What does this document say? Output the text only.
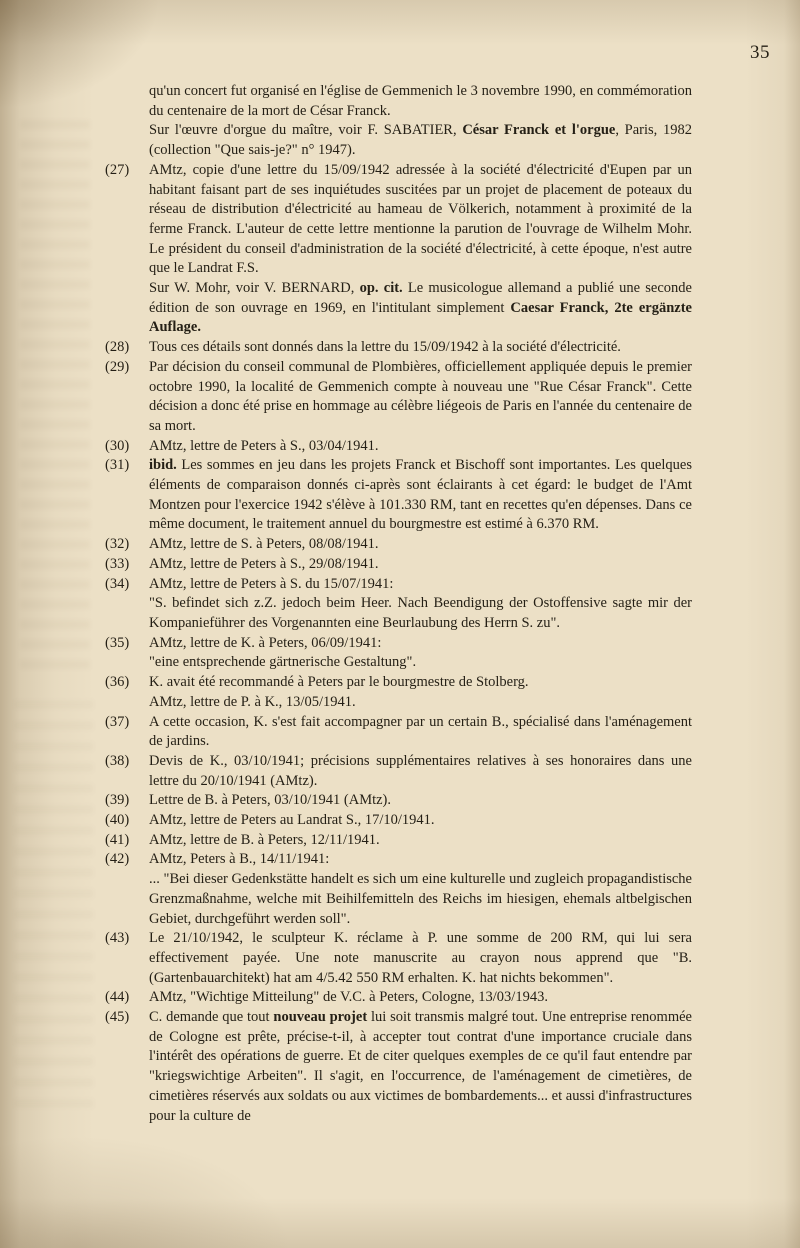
35

qu'un concert fut organisé en l'église de Gemmenich le 3 novembre 1990, en commémoration du centenaire de la mort de César Franck.

Sur l'œuvre d'orgue du maître, voir F. SABATIER, César Franck et l'orgue, Paris, 1982 (collection "Que sais-je?" n° 1947).

(27)	AMtz, copie d'une lettre du 15/09/1942 adressée à la société d'électricité d'Eupen par un habitant faisant part de ses inquiétudes suscitées par un projet de placement de poteaux du réseau de distribution d'électricité au hameau de Völkerich, notamment à proximité de la ferme Franck. L'auteur de cette lettre mentionne la parution de l'ouvrage de Wilhelm Mohr. Le président du conseil d'administration de la société d'électricité, à cette époque, n'est autre que le Landrat F.S.

Sur W. Mohr, voir V. BERNARD, op. cit. Le musicologue allemand a publié une seconde édition de son ouvrage en 1969, en l'intitulant simplement Caesar Franck, 2te ergänzte Auflage.

(28)	Tous ces détails sont donnés dans la lettre du 15/09/1942 à la société d'électricité.

(29)	Par décision du conseil communal de Plombières, officiellement appliquée depuis le premier octobre 1990, la localité de Gemmenich compte à nouveau une "Rue César Franck". Cette décision a donc été prise en hommage au célèbre liégeois de Paris en l'année du centenaire de sa mort.

(30)	AMtz, lettre de Peters à S., 03/04/1941.

(31)	ibid. Les sommes en jeu dans les projets Franck et Bischoff sont importantes. Les quelques éléments de comparaison donnés ci-après sont éclairants à cet égard: le budget de l'Amt Montzen pour l'exercice 1942 s'élève à 101.330 RM, tant en recettes qu'en dépenses. Dans ce même document, le traitement annuel du bourgmestre est estimé à 6.370 RM.

(32)	AMtz, lettre de S. à Peters, 08/08/1941.

(33)	AMtz, lettre de Peters à S., 29/08/1941.

(34)	AMtz, lettre de Peters à S. du 15/07/1941:

"S. befindet sich z.Z. jedoch beim Heer. Nach Beendigung der Ostoffensive sagte mir der Kompanieführer des Vorgenannten eine Beurlaubung des Herrn S. zu".

(35)	AMtz, lettre de K. à Peters, 06/09/1941:

"eine entsprechende gärtnerische Gestaltung".

(36)	K. avait été recommandé à Peters par le bourgmestre de Stolberg.

AMtz, lettre de P. à K., 13/05/1941.

(37)	A cette occasion, K. s'est fait accompagner par un certain B., spécialisé dans l'aménagement de jardins.

(38)	Devis de K., 03/10/1941; précisions supplémentaires relatives à ses honoraires dans une lettre du 20/10/1941 (AMtz).

(39)	Lettre de B. à Peters, 03/10/1941 (AMtz).

(40)	AMtz, lettre de Peters au Landrat S., 17/10/1941.

(41)	AMtz, lettre de B. à Peters, 12/11/1941.

(42)	AMtz, Peters à B., 14/11/1941:

... "Bei dieser Gedenkstätte handelt es sich um eine kulturelle und zugleich propagandistische Grenzmaßnahme, welche mit Beihilfemitteln des Reichs im hiesigen, ehemals altbelgischen Gebiet, durchgeführt werden soll".

(43)	Le 21/10/1942, le sculpteur K. réclame à P. une somme de 200 RM, qui lui sera effectivement payée. Une note manuscrite au crayon nous apprend que "B. (Gartenbauarchitekt) hat am 4/5.42 550 RM erhalten. K. hat nichts bekommen".

(44)	AMtz, "Wichtige Mitteilung" de V.C. à Peters, Cologne, 13/03/1943.

(45)	C. demande que tout nouveau projet lui soit transmis malgré tout. Une entreprise renommée de Cologne est prête, précise-t-il, à accepter tout contrat d'une importance cruciale dans l'intérêt des opérations de guerre. Et de citer quelques exemples de ce qu'il faut entendre par "kriegswichtige Arbeiten". Il s'agit, en l'occurrence, de l'aménagement de cimetières, de cimetières réservés aux soldats ou aux victimes de bombardements... et aussi d'infrastructures pour la culture de
